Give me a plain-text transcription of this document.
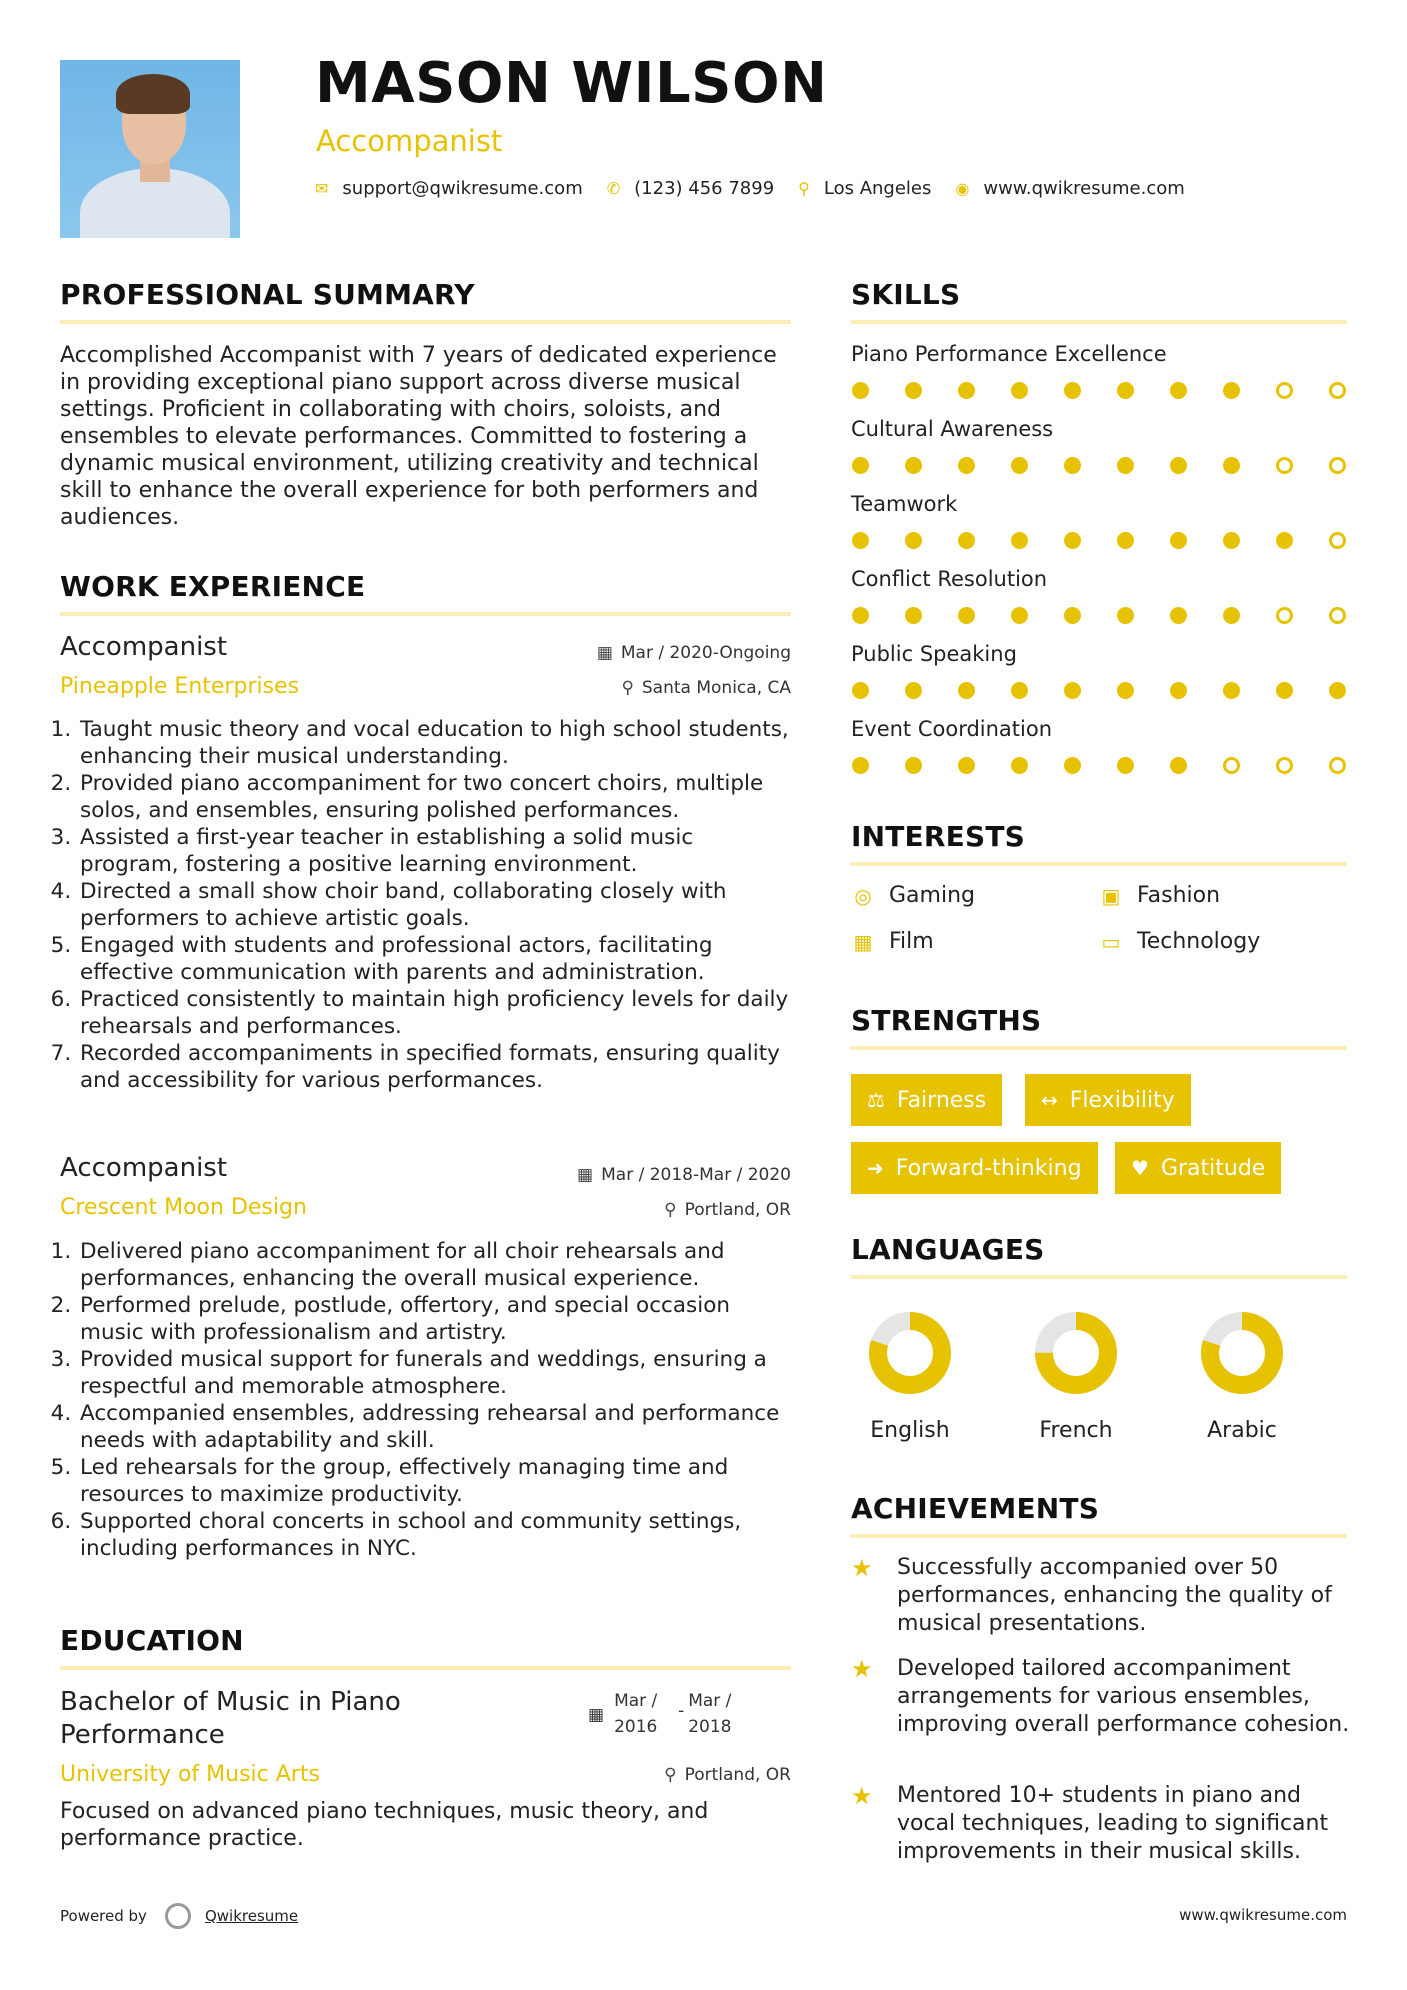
MASON WILSON
Accompanist
✉ support@qwikresume.com ✆ (123) 456 7899 ⚲ Los Angeles ◉ www.qwikresume.com
PROFESSIONAL SUMMARY

Accomplished Accompanist with 7 years of dedicated experience in providing exceptional piano support across diverse musical settings. Proficient in collaborating with choirs, soloists, and ensembles to elevate performances. Committed to fostering a dynamic musical environment, utilizing creativity and technical skill to enhance the overall experience for both performers and audiences.

WORK EXPERIENCE
Accompanist	▦ Mar / 2020-Ongoing
Pineapple Enterprises	⚲ Santa Monica, CA
1. Taught music theory and vocal education to high school students, enhancing their musical understanding.
2. Provided piano accompaniment for two concert choirs, multiple solos, and ensembles, ensuring polished performances.
3. Assisted a first-year teacher in establishing a solid music program, fostering a positive learning environment.
4. Directed a small show choir band, collaborating closely with performers to achieve artistic goals.
5. Engaged with students and professional actors, facilitating effective communication with parents and administration.
6. Practiced consistently to maintain high proficiency levels for daily rehearsals and performances.
7. Recorded accompaniments in specified formats, ensuring quality and accessibility for various performances.
Accompanist	▦ Mar / 2018-Mar / 2020
Crescent Moon Design	⚲ Portland, OR
1. Delivered piano accompaniment for all choir rehearsals and performances, enhancing the overall musical experience.
2. Performed prelude, postlude, offertory, and special occasion music with professionalism and artistry.
3. Provided musical support for funerals and weddings, ensuring a respectful and memorable atmosphere.
4. Accompanied ensembles, addressing rehearsal and performance needs with adaptability and skill.
5. Led rehearsals for the group, effectively managing time and resources to maximize productivity.
6. Supported choral concerts in school and community settings, including performances in NYC.
EDUCATION
Bachelor of Music in Piano Performance
▦
Mar /
2016
- Mar /
2018
University of Music Arts	⚲ Portland, OR

Focused on advanced piano techniques, music theory, and performance practice.

SKILLS
Piano Performance Excellence
Cultural Awareness
Teamwork
Conflict Resolution
Public Speaking
Event Coordination
INTERESTS
◎ Gaming	▣ Fashion
▦ Film	▭ Technology
STRENGTHS
⚖ Fairness	↔ Flexibility
➜ Forward-thinking ♥ Gratitude
LANGUAGES
English	French	Arabic
ACHIEVEMENTS
★	Successfully accompanied over 50 performances, enhancing the quality of musical presentations.
★	Developed tailored accompaniment arrangements for various ensembles, improving overall performance cohesion.
★	Mentored 10+ students in piano and vocal techniques, leading to significant improvements in their musical skills.
Powered by	Qwikresume	www.qwikresume.com
